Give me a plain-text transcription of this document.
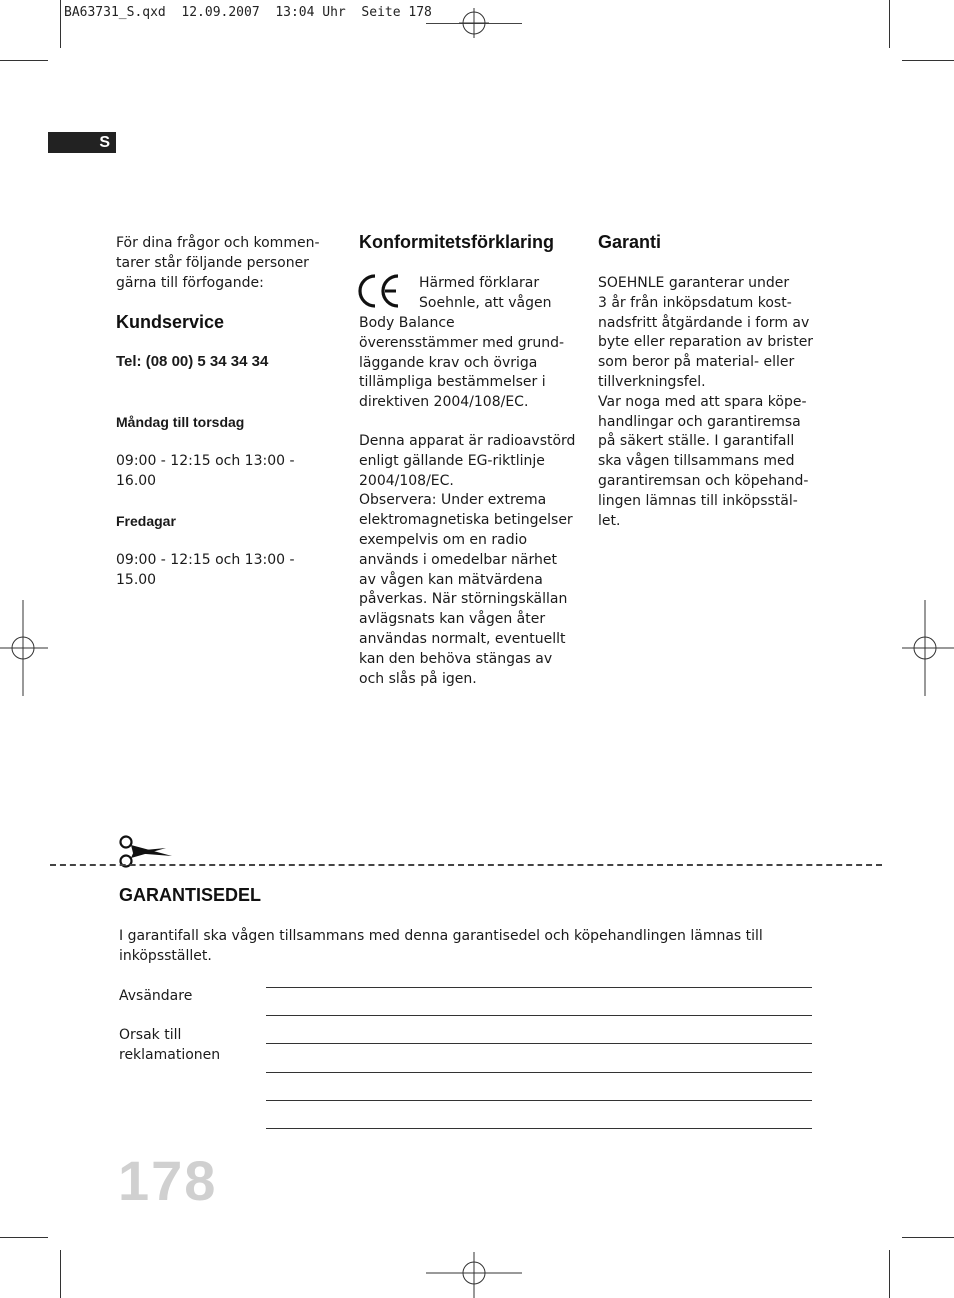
BA63731_S.qxd  12.09.2007  13:04 Uhr  Seite 178
S
För dina frågor och kommen-
tarer står följande personer
gärna till förfogande:
Kundservice
Tel: (08 00) 5 34 34 34
Måndag till torsdag
09:00 - 12:15 och 13:00 -
16.00
Fredagar
09:00 - 12:15 och 13:00 -
15.00
Konformitetsförklaring
Härmed förklarar
Soehnle, att vågen
Body Balance
överensstämmer med grund-
läggande krav och övriga
tillämpliga bestämmelser i
direktiven 2004/108/EC.
Denna apparat är radioavstörd
enligt gällande EG-riktlinje
2004/108/EC.
Observera: Under extrema
elektromagnetiska betingelser
exempelvis om en radio
används i omedelbar närhet
av vågen kan mätvärdena
påverkas. När störningskällan
avlägsnats kan vågen åter
användas normalt, eventuellt
kan den behöva stängas av
och slås på igen.
Garanti
SOEHNLE garanterar under
3 år från inköpsdatum kost-
nadsfritt åtgärdande i form av
byte eller reparation av brister
som beror på material- eller
tillverkningsfel.
Var noga med att spara köpe-
handlingar och garantiremsa
på säkert ställe. I garantifall
ska vågen tillsammans med
garantiremsan och köpehand-
lingen lämnas till inköpsstäl-
let.
GARANTISEDEL
I garantifall ska vågen tillsammans med denna garantisedel och köpehandlingen lämnas till
inköpsstället.
Avsändare
Orsak till
reklamationen
178
